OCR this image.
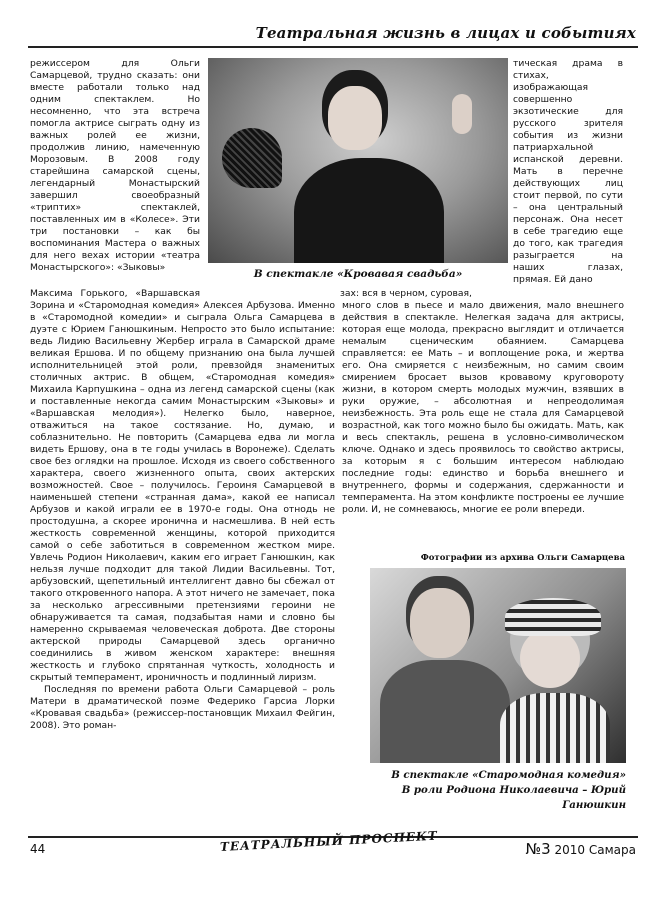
Театральная жизнь в лицах и событиях

режиссером для Ольги Самарцевой, трудно сказать: они вместе работали только над одним спектаклем. Но несомненно, что эта встреча помогла актрисе сыграть одну из важных ролей ее жизни, продолжив линию, намеченную Морозовым. В 2008 году старейшина самарской сцены, легендарный Монастырский завершил своеобразный «триптих» спектаклей, поставленных им в «Колесе». Эти три постановки – как бы воспоминания Мастера о важных для него вехах истории «театра Монастырского»: «Зыковы»

В спектакле «Кровавая свадьба»

тическая драма в стихах, изображающая совершенно экзотические для русского зрителя события из жизни патриархальной испанской деревни. Мать в перечне действующих лиц стоит первой, по сути – она центральный персонаж. Она несет в себе трагедию еще до того, как трагедия разыграется на наших глазах, прямая. Ей дано

Максима Горького, «Варшавская	зах: вся в черном, суровая,

Зорина и «Старомодная комедия» Алексея Арбузова. Именно в «Старомодной комедии» и сыграла Ольга Самарцева в дуэте с Юрием Ганюшкиным. Непросто это было испытание: ведь Лидию Васильевну Жербер играла в Самарской драме великая Ершова. И по общему признанию она была лучшей исполнительницей этой роли, превзойдя знаменитых столичных актрис. В общем, «Старомодная комедия» Михаила Карпушкина – одна из легенд самарской сцены (как и поставленные некогда самим Монастырским «Зыковы» и «Варшавская мелодия»). Нелегко было, наверное, отважиться на такое состязание. Но, думаю, и соблазнительно. Не повторить (Самарцева едва ли могла видеть Ершову, она в те годы училась в Воронеже). Сделать свое без оглядки на прошлое. Исходя из своего собственного характера, своего жизненного опыта, своих актерских возможностей. Свое – получилось. Героиня Самарцевой в наименьшей степени «странная дама», какой ее написал Арбузов и какой играли ее в 1970-е годы. Она отнодь не простодушна, а скорее иронична и насмешлива. В ней есть жесткость современной женщины, которой приходится самой о себе заботиться в современном жестком мире. Увлечь Родион Николаевич, каким его играет Ганюшкин, как нельзя лучше подходит для такой Лидии Васильевны. Тот, арбузовский, щепетильный интеллигент давно бы сбежал от такого откровенного напора. А этот ничего не замечает, пока за несколько агрессивными претензиями героини не обнаруживается та самая, подзабытая нами и словно бы намеренно скрываемая человеческая доброта. Две стороны актерской природы Самарцевой здесь органично соединились в живом женском характере: внешняя жесткость и глубоко спрятанная чуткость, холодность и скрытый темперамент, ироничность и подлинный лиризм.

Последняя по времени работа Ольги Самарцевой – роль Матери в драматической поэме Федерико Гарсиа Лорки «Кровавая свадьба» (режиссер-постановщик Михаил Фейгин, 2008). Это роман-

много слов в пьесе и мало движения, мало внешнего действия в спектакле. Нелегкая задача для актрисы, которая еще молода, прекрасно выглядит и отличается немалым сценическим обаянием. Самарцева справляется: ее Мать – и воплощение рока, и жертва его. Она смиряется с неизбежным, но самим своим смирением бросает вызов кровавому круговороту жизни, в котором смерть молодых мужчин, взявших в руки оружие, – абсолютная и непреодолимая неизбежность. Эта роль еще не стала для Самарцевой возрастной, как того можно было бы ожидать. Мать, как и весь спектакль, решена в условно-символическом ключе. Однако и здесь проявилось то свойство актрисы, за которым я с большим интересом наблюдаю последние годы: единство и борьба внешнего и внутреннего, формы и содержания, сдержанности и темперамента. На этом конфликте построены ее лучшие роли. И, не сомневаюсь, многие ее роли впереди.

Фотографии из архива Ольги Самарцева
В спектакле «Старомодная комедия»
В роли Родиона Николаевича – Юрий Ганюшкин
44	ТЕАТРАЛЬНЫЙ ПРОСПЕКТ	№3 2010 Самара
